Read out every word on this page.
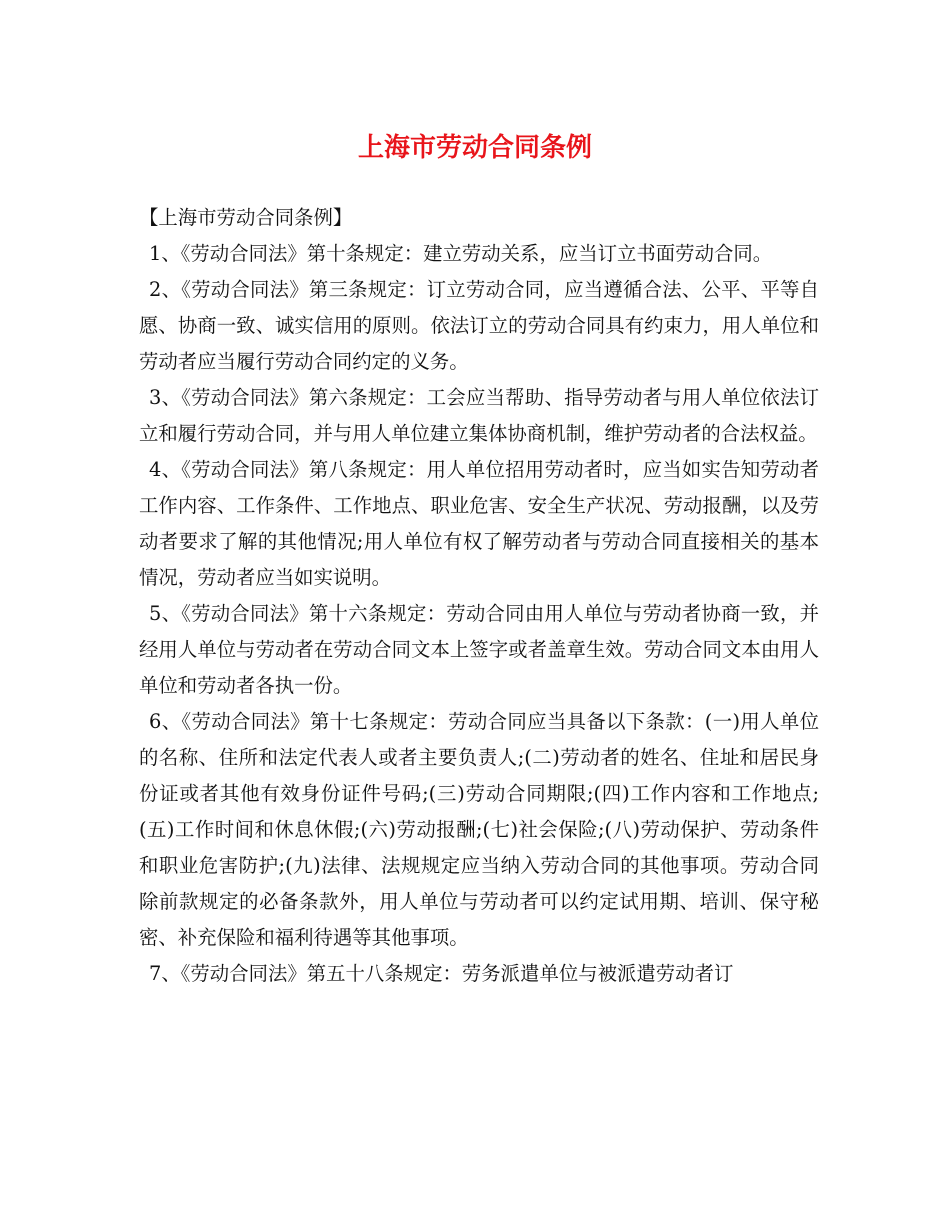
上海市劳动合同条例

【上海市劳动合同条例】

1、《劳动合同法》第十条规定：建立劳动关系，应当订立书面劳动合同。

2、《劳动合同法》第三条规定：订立劳动合同，应当遵循合法、公平、平等自愿、协商一致、诚实信用的原则。依法订立的劳动合同具有约束力，用人单位和劳动者应当履行劳动合同约定的义务。

3、《劳动合同法》第六条规定：工会应当帮助、指导劳动者与用人单位依法订立和履行劳动合同，并与用人单位建立集体协商机制，维护劳动者的合法权益。

4、《劳动合同法》第八条规定：用人单位招用劳动者时，应当如实告知劳动者工作内容、工作条件、工作地点、职业危害、安全生产状况、劳动报酬，以及劳动者要求了解的其他情况;用人单位有权了解劳动者与劳动合同直接相关的基本情况，劳动者应当如实说明。

5、《劳动合同法》第十六条规定：劳动合同由用人单位与劳动者协商一致，并经用人单位与劳动者在劳动合同文本上签字或者盖章生效。劳动合同文本由用人单位和劳动者各执一份。

6、《劳动合同法》第十七条规定：劳动合同应当具备以下条款：(一)用人单位的名称、住所和法定代表人或者主要负责人;(二)劳动者的姓名、住址和居民身份证或者其他有效身份证件号码;(三)劳动合同期限;(四)工作内容和工作地点;(五)工作时间和休息休假;(六)劳动报酬;(七)社会保险;(八)劳动保护、劳动条件和职业危害防护;(九)法律、法规规定应当纳入劳动合同的其他事项。劳动合同除前款规定的必备条款外，用人单位与劳动者可以约定试用期、培训、保守秘密、补充保险和福利待遇等其他事项。

7、《劳动合同法》第五十八条规定：劳务派遣单位与被派遣劳动者订
